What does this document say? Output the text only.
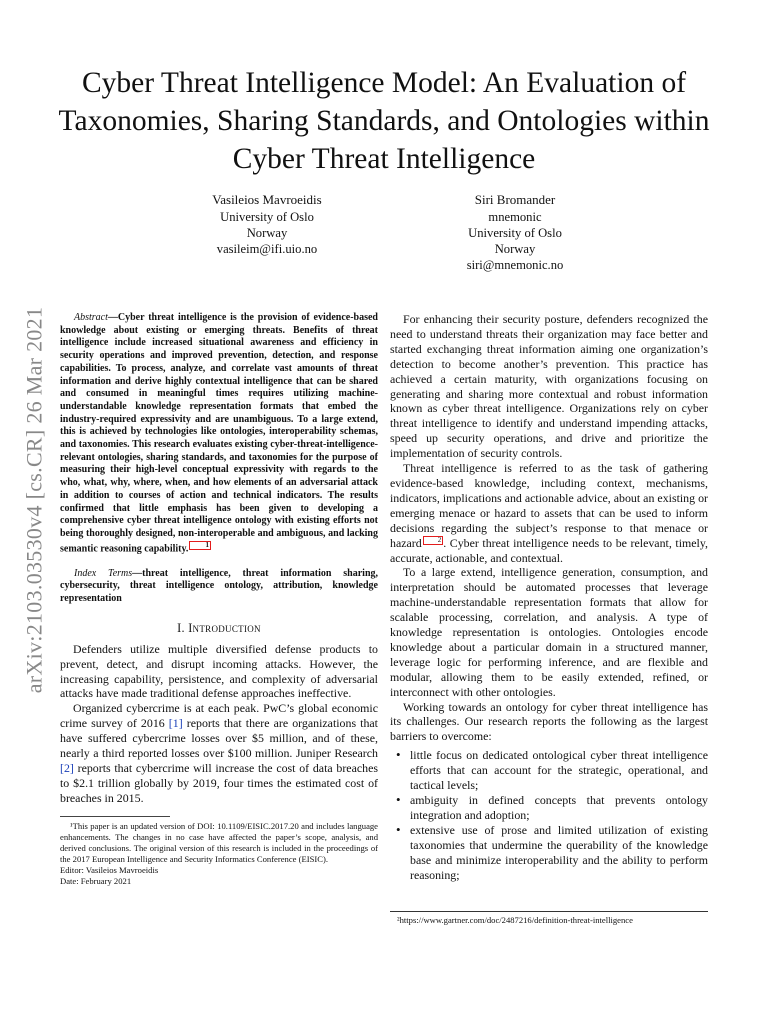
arXiv:2103.03530v4 [cs.CR] 26 Mar 2021
Cyber Threat Intelligence Model: An Evaluation of Taxonomies, Sharing Standards, and Ontologies within Cyber Threat Intelligence
Vasileios Mavroeidis
University of Oslo
Norway
vasileim@ifi.uio.no
Siri Bromander
mnemonic
University of Oslo
Norway
siri@mnemonic.no

Abstract—Cyber threat intelligence is the provision of evidence-based knowledge about existing or emerging threats. Benefits of threat intelligence include increased situational awareness and efficiency in security operations and improved prevention, detection, and response capabilities. To process, analyze, and correlate vast amounts of threat information and derive highly contextual intelligence that can be shared and consumed in meaningful times requires utilizing machine-understandable knowledge representation formats that embed the industry-required expressivity and are unambiguous. To a large extend, this is achieved by technologies like ontologies, interoperability schemas, and taxonomies. This research evaluates existing cyber-threat-intelligence-relevant ontologies, sharing standards, and taxonomies for the purpose of measuring their high-level conceptual expressivity with regards to the who, what, why, where, when, and how elements of an adversarial attack in addition to courses of action and technical indicators. The results confirmed that little emphasis has been given to developing a comprehensive cyber threat intelligence ontology with existing efforts not being thoroughly designed, non-interoperable and ambiguous, and lacking semantic reasoning capability. 1

Index Terms—threat intelligence, threat information sharing, cybersecurity, threat intelligence ontology, attribution, knowledge representation

I. Introduction

Defenders utilize multiple diversified defense products to prevent, detect, and disrupt incoming attacks. However, the increasing capability, persistence, and complexity of adversarial attacks have made traditional defense approaches ineffective.

Organized cybercrime is at each peak. PwC’s global economic crime survey of 2016 [1] reports that there are organizations that have suffered cybercrime losses over $5 million, and of these, nearly a third reported losses over $100 million. Juniper Research [2] reports that cybercrime will increase the cost of data breaches to $2.1 trillion globally by 2019, four times the estimated cost of breaches in 2015.

¹This paper is an updated version of DOI: 10.1109/EISIC.2017.20 and includes language enhancements. The changes in no case have affected the paper’s scope, analysis, and derived conclusions. The original version of this research is included in the proceedings of the 2017 European Intelligence and Security Informatics Conference (EISIC).

Editor: Vasileios Mavroeidis

Date: February 2021

For enhancing their security posture, defenders recognized the need to understand threats their organization may face better and started exchanging threat information aiming one organization’s detection to become another’s prevention. This practice has achieved a certain maturity, with organizations focusing on generating and sharing more contextual and robust information known as cyber threat intelligence. Organizations rely on cyber threat intelligence to identify and understand impending attacks, speed up security operations, and drive and prioritize the implementation of security controls.

Threat intelligence is referred to as the task of gathering evidence-based knowledge, including context, mechanisms, indicators, implications and actionable advice, about an existing or emerging menace or hazard to assets that can be used to inform decisions regarding the subject’s response to that menace or hazard 2 . Cyber threat intelligence needs to be relevant, timely, accurate, actionable, and contextual.

To a large extend, intelligence generation, consumption, and interpretation should be automated processes that leverage machine-understandable representation formats that allow for scalable processing, correlation, and analysis. A type of knowledge representation is ontologies. Ontologies encode knowledge about a particular domain in a structured manner, leverage logic for performing inference, and are flexible and modular, allowing them to be easily extended, refined, or interconnect with other ontologies.

Working towards an ontology for cyber threat intelligence has its challenges. Our research reports the following as the largest barriers to overcome:

• little focus on dedicated ontological cyber threat intelligence efforts that can account for the strategic, operational, and tactical levels;
• ambiguity in defined concepts that prevents ontology integration and adoption;
• extensive use of prose and limited utilization of existing taxonomies that undermine the querability of the knowledge base and minimize interoperability and the ability to perform reasoning;
²https://www.gartner.com/doc/2487216/definition-threat-intelligence
